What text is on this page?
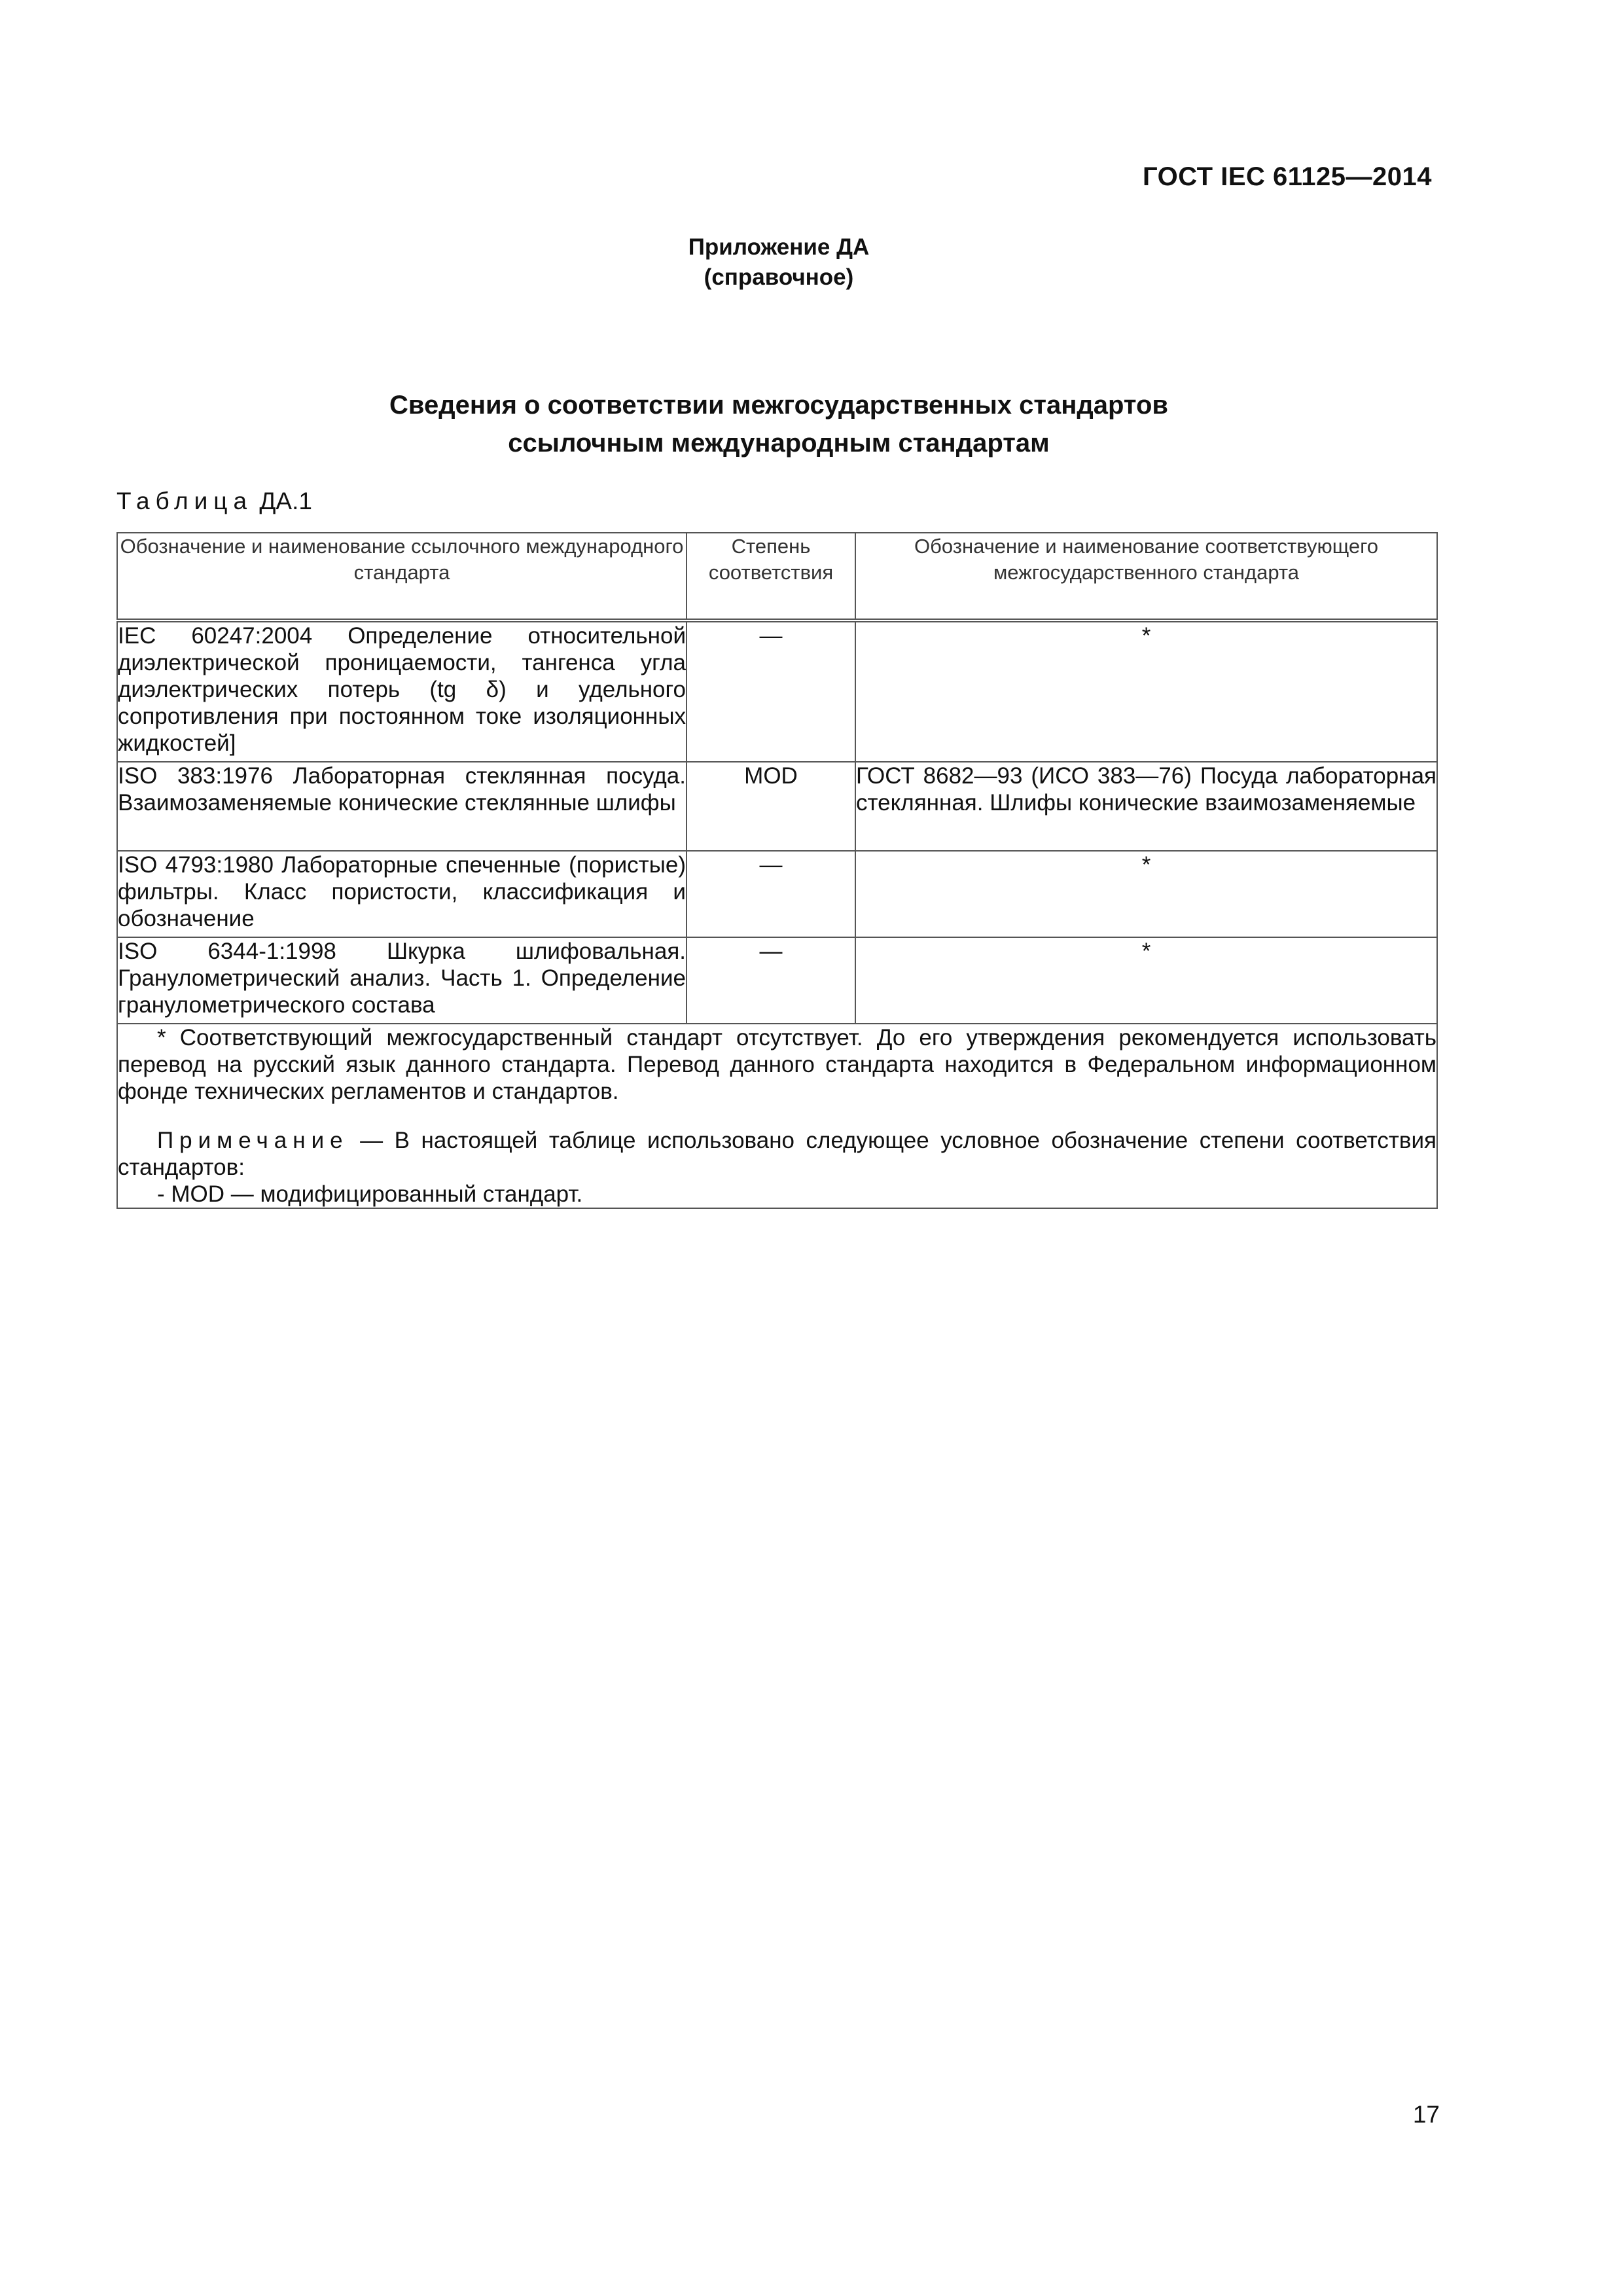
ГОСТ IEC 61125—2014
Приложение ДА
(справочное)
Сведения о соответствии межгосударственных стандартов
ссылочным международным стандартам
Таблица ДА.1
Обозначение и наименование ссылочного международного стандарта	Степень соответствия	Обозначение и наименование соответствующего межгосударственного стандарта
IEC 60247:2004 Определение относительной диэлектрической проницаемости, тангенса угла диэлектрических потерь (tg δ) и удельного сопротивления при постоянном токе изоляционных жидкостей]	—	*
ISO 383:1976 Лабораторная стеклянная посуда. Взаимозаменяемые конические стеклянные шлифы	MOD	ГОСТ 8682—93 (ИСО 383—76) Посуда лабораторная стеклянная. Шлифы конические взаимозаменяемые
ISO 4793:1980 Лабораторные спеченные (пористые) фильтры. Класс пористости, классификация и обозначение	—	*
ISO 6344-1:1998 Шкурка шлифовальная. Гранулометрический анализ. Часть 1. Определение гранулометрического состава	—	*

* Соответствующий межгосударственный стандарт отсутствует. До его утверждения рекомендуется использовать перевод на русский язык данного стандарта. Перевод данного стандарта находится в Федеральном информационном фонде технических регламентов и стандартов.

Примечание — В настоящей таблице использовано следующее условное обозначение степени соответствия стандартов:

- MOD — модифицированный стандарт.		

17
